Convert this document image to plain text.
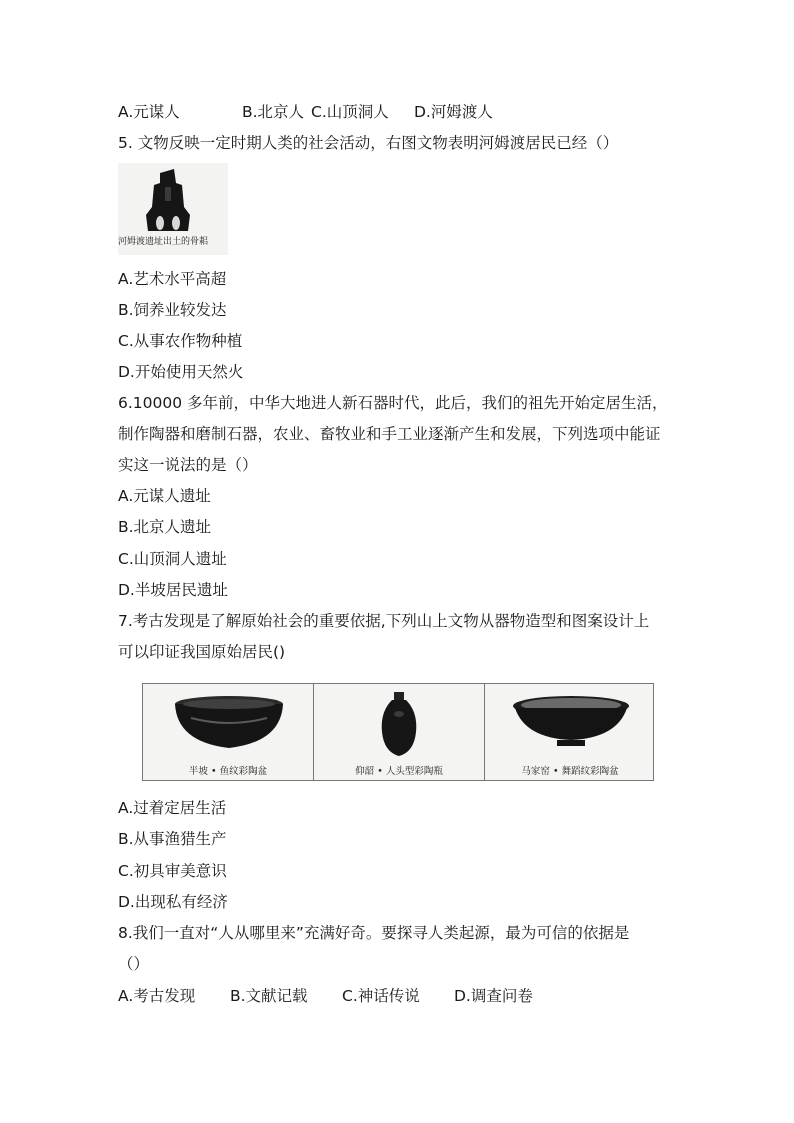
A.元谋人	B.北京人 C.山顶洞人 D.河姆渡人
5. 文物反映一定时期人类的社会活动，右图文物表明河姆渡居民已经（）
河姆渡遗址出土的骨耜
A.艺术水平高超
B.饲养业较发达
C.从事农作物种植
D.开始使用天然火
6.10000 多年前，中华大地进人新石器时代，此后，我们的祖先开始定居生活，
制作陶器和磨制石器，农业、畜牧业和手工业逐渐产生和发展，下列选项中能证
实这一说法的是（）
A.元谋人遗址
B.北京人遗址
C.山顶洞人遗址
D.半坡居民遗址
7.考古发现是了解原始社会的重要依据,下列山上文物从器物造型和图案设计上
可以印证我国原始居民()
半坡 • 鱼纹彩陶盆	仰韶 • 人头型彩陶瓶	马家窑 • 舞蹈纹彩陶盆
A.过着定居生活
B.从事渔猎生产
C.初具审美意识
D.出现私有经济
8.我们一直对“人从哪里来”充满好奇。要探寻人类起源，最为可信的依据是
（）
A.考古发现 B.文献记载 C.神话传说 D.调查问卷
